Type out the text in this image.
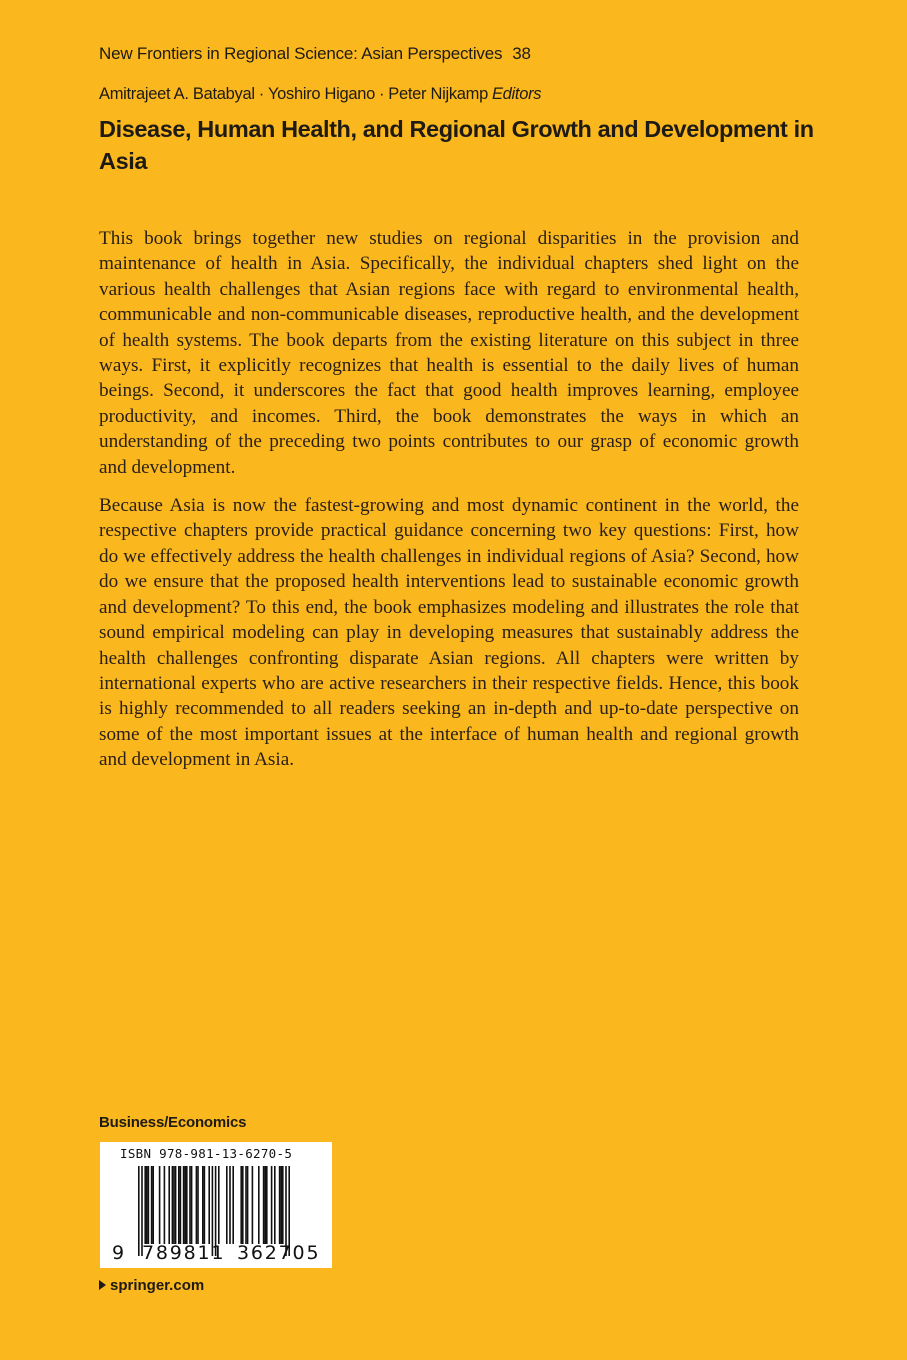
New Frontiers in Regional Science: Asian Perspectives 38
Amitrajeet A. Batabyal · Yoshiro Higano · Peter Nijkamp Editors
Disease, Human Health, and Regional Growth and Development in Asia

This book brings together new studies on regional disparities in the provision and maintenance of health in Asia. Specifically, the individual chapters shed light on the various health challenges that Asian regions face with regard to environmental health, communicable and non-communicable diseases, reproductive health, and the development of health systems. The book departs from the existing literature on this subject in three ways. First, it explicitly recognizes that health is essential to the daily lives of human beings. Second, it underscores the fact that good health improves learning, employee productivity, and incomes. Third, the book demonstrates the ways in which an understanding of the preceding two points contributes to our grasp of economic growth and development.

Because Asia is now the fastest-growing and most dynamic continent in the world, the respective chapters provide practical guidance concerning two key questions: First, how do we effectively address the health challenges in individual regions of Asia? Second, how do we ensure that the proposed health interventions lead to sustainable economic growth and development? To this end, the book emphasizes modeling and illustrates the role that sound empirical modeling can play in developing measures that sustainably address the health challenges confronting disparate Asian regions. All chapters were written by international experts who are active researchers in their respective fields. Hence, this book is highly recommended to all readers seeking an in-depth and up-to-date perspective on some of the most important issues at the interface of human health and regional growth and development in Asia.

Business/Economics
ISBN 978-981-13-6270-5
9 789811 362705
springer.com
